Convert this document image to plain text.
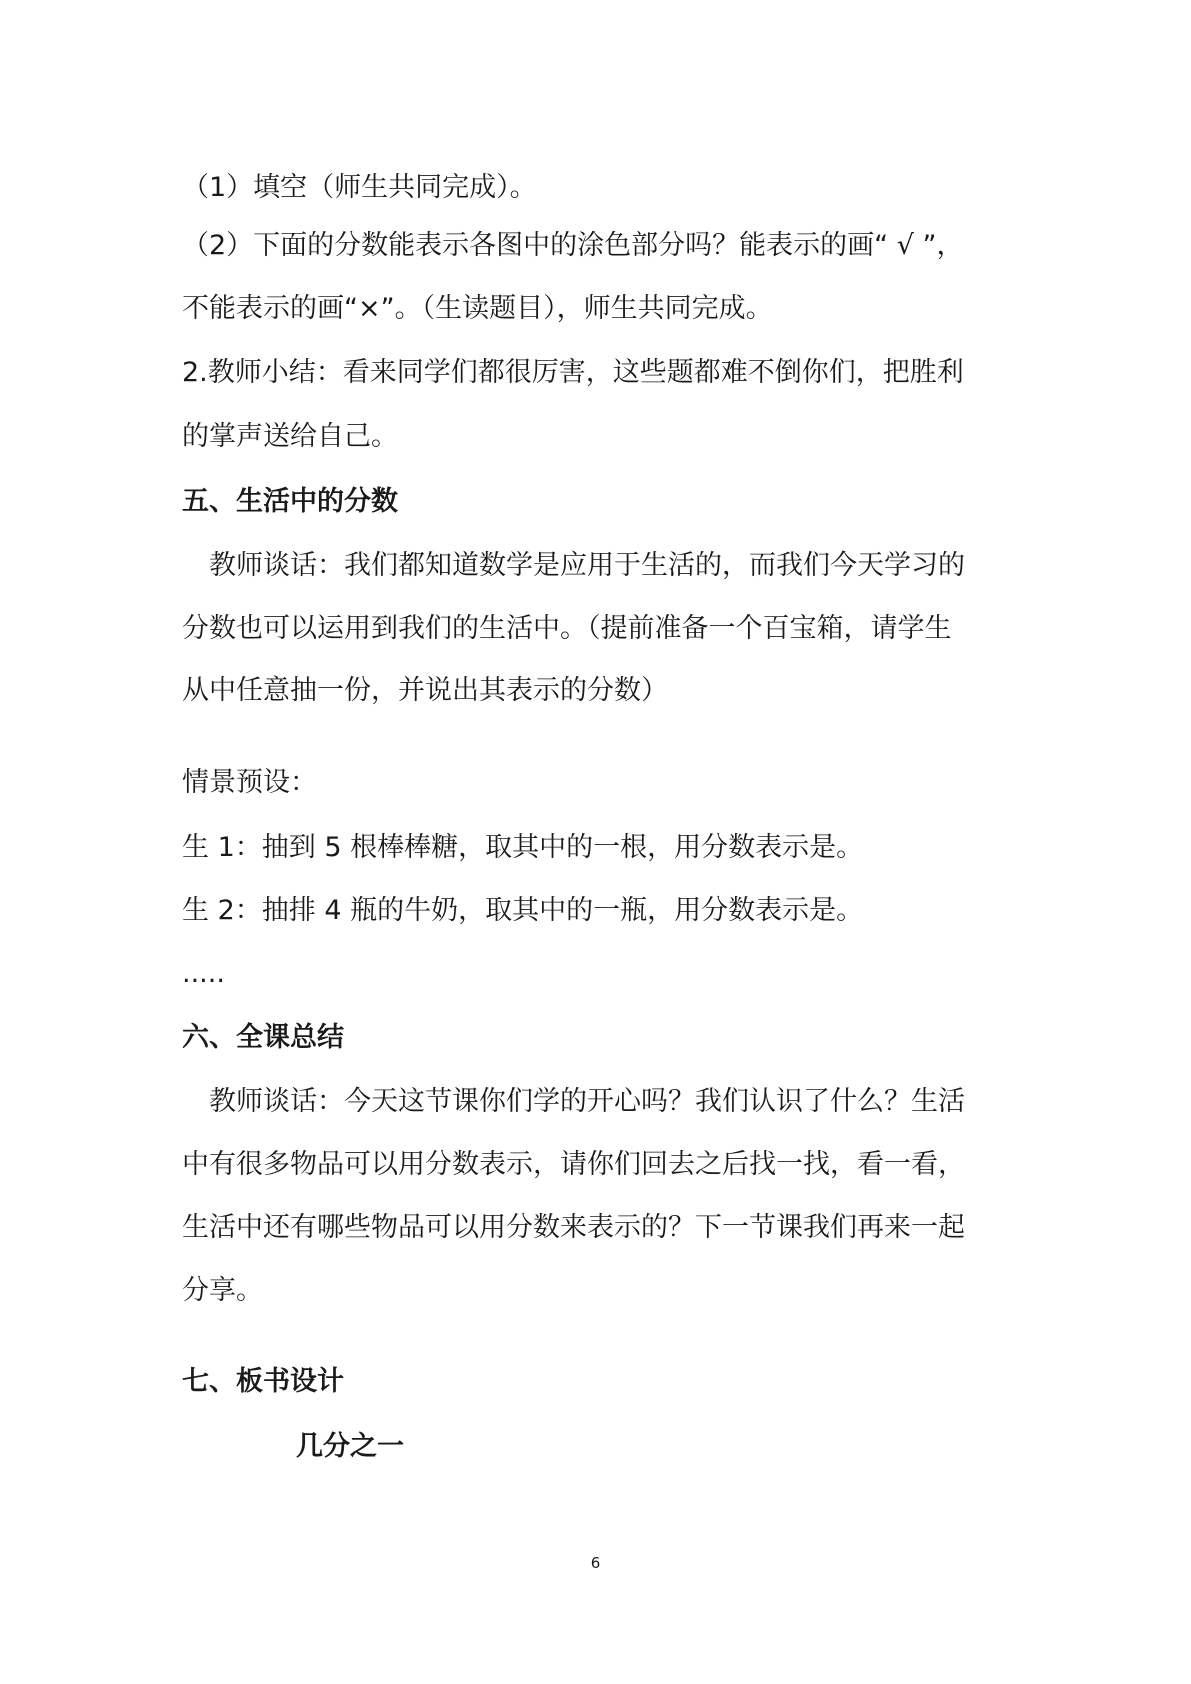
（1）填空（师生共同完成）。
（2）下面的分数能表示各图中的涂色部分吗？能表示的画“ √ ”，
不能表示的画“×”。（生读题目），师生共同完成。
2.教师小结：看来同学们都很厉害，这些题都难不倒你们，把胜利
的掌声送给自己。
五、生活中的分数
教师谈话：我们都知道数学是应用于生活的，而我们今天学习的
分数也可以运用到我们的生活中。（提前准备一个百宝箱，请学生
从中任意抽一份，并说出其表示的分数）
情景预设：
生 1：抽到 5 根棒棒糖，取其中的一根，用分数表示是。
生 2：抽排 4 瓶的牛奶，取其中的一瓶，用分数表示是。
.....
六、全课总结
教师谈话：今天这节课你们学的开心吗？我们认识了什么？生活
中有很多物品可以用分数表示，请你们回去之后找一找，看一看，
生活中还有哪些物品可以用分数来表示的？下一节课我们再来一起
分享。
七、板书设计
几分之一
6
